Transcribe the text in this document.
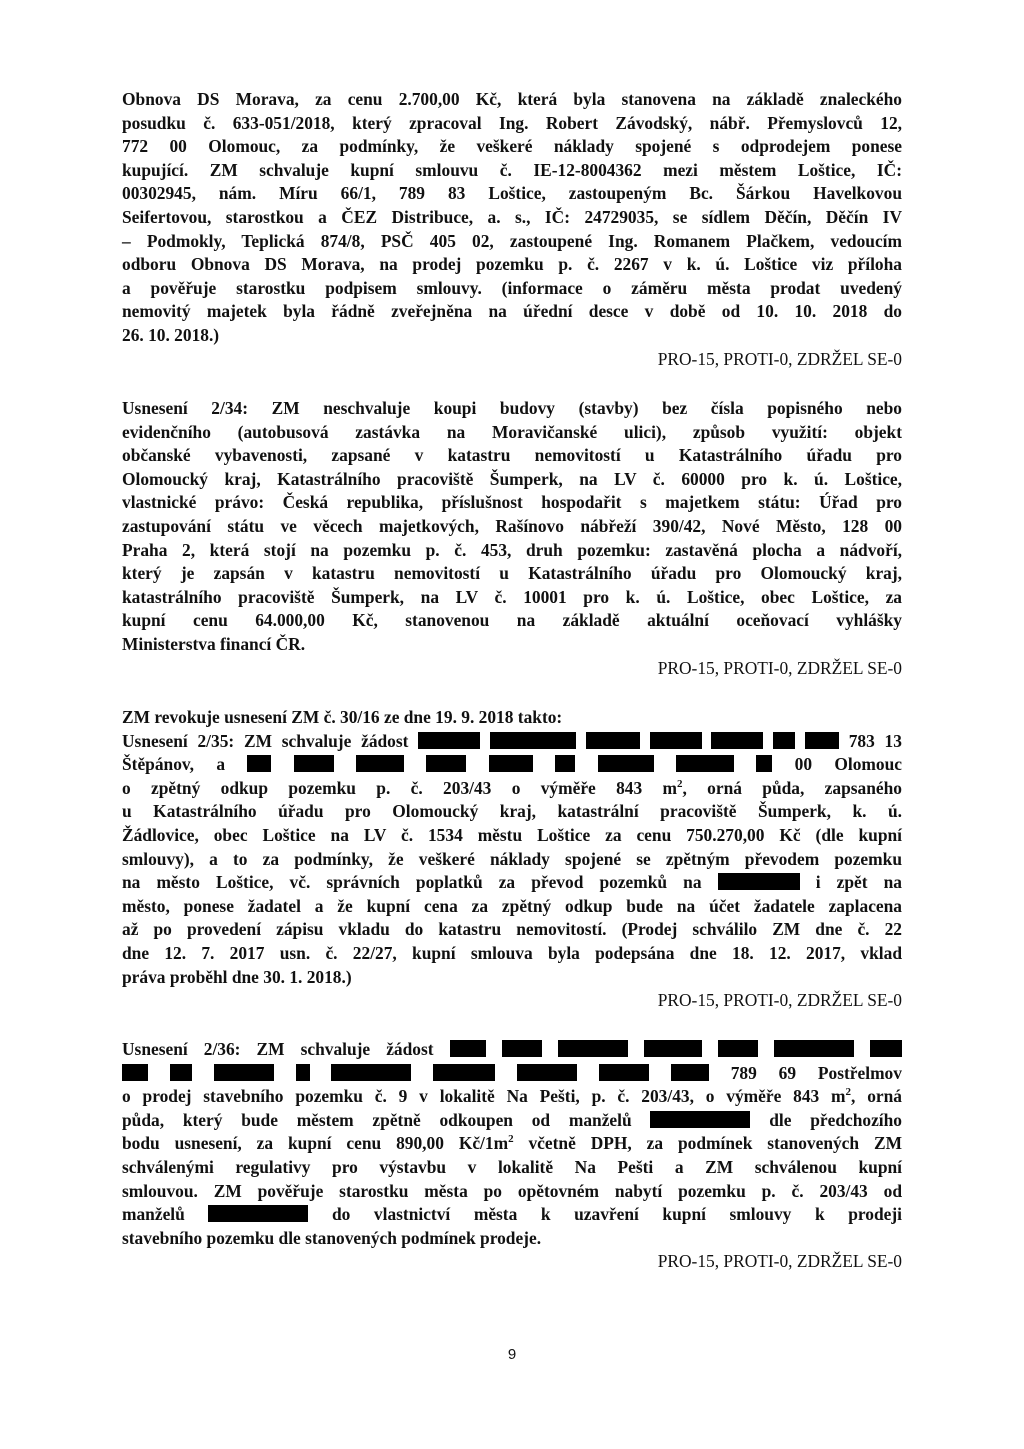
Obnova DS Morava, za cenu 2.700,00 Kč, která byla stanovena na základě znaleckého
posudku č. 633-051/2018, který zpracoval Ing. Robert Závodský, nábř. Přemyslovců 12,
772 00 Olomouc, za podmínky, že veškeré náklady spojené s odprodejem ponese
kupující. ZM schvaluje kupní smlouvu č. IE-12-8004362 mezi městem Loštice, IČ:
00302945, nám. Míru 66/1, 789 83 Loštice, zastoupeným Bc. Šárkou Havelkovou
Seifertovou, starostkou a ČEZ Distribuce, a. s., IČ: 24729035, se sídlem Děčín, Děčín IV
– Podmokly, Teplická 874/8, PSČ 405 02, zastoupené Ing. Romanem Plačkem, vedoucím
odboru Obnova DS Morava, na prodej pozemku p. č. 2267 v k. ú. Loštice viz příloha
a pověřuje starostku podpisem smlouvy. (informace o záměru města prodat uvedený
nemovitý majetek byla řádně zveřejněna na úřední desce v době od 10. 10. 2018 do
26. 10. 2018.)
PRO-15, PROTI-0, ZDRŽEL SE-0
Usnesení 2/34: ZM neschvaluje koupi budovy (stavby) bez čísla popisného nebo
evidenčního (autobusová zastávka na Moravičanské ulici), způsob využití: objekt
občanské vybavenosti, zapsané v katastru nemovitostí u Katastrálního úřadu pro
Olomoucký kraj, Katastrálního pracoviště Šumperk, na LV č. 60000 pro k. ú. Loštice,
vlastnické právo: Česká republika, příslušnost hospodařit s majetkem státu: Úřad pro
zastupování státu ve věcech majetkových, Rašínovo nábřeží 390/42, Nové Město, 128 00
Praha 2, která stojí na pozemku p. č. 453, druh pozemku: zastavěná plocha a nádvoří,
který je zapsán v katastru nemovitostí u Katastrálního úřadu pro Olomoucký kraj,
katastrálního pracoviště Šumperk, na LV č. 10001 pro k. ú. Loštice, obec Loštice, za
kupní cenu 64.000,00 Kč, stanovenou na základě aktuální oceňovací vyhlášky
Ministerstva financí ČR.
PRO-15, PROTI-0, ZDRŽEL SE-0
ZM revokuje usnesení ZM č. 30/16 ze dne 19. 9. 2018 takto:
Usnesení 2/35: ZM schvaluje žádost	783 13
Štěpánov, a	00 Olomouc
o zpětný odkup pozemku p. č. 203/43 o výměře 843 $m^2$, orná půda, zapsaného
u Katastrálního úřadu pro Olomoucký kraj, katastrální pracoviště Šumperk, k. ú.
Žádlovice, obec Loštice na LV č. 1534 městu Loštice za cenu 750.270,00 Kč (dle kupní
smlouvy), a to za podmínky, že veškeré náklady spojené se zpětným převodem pozemku
na město Loštice, vč. správních poplatků za převod pozemků na	i zpět na
město, ponese žadatel a že kupní cena za zpětný odkup bude na účet žadatele zaplacena
až po provedení zápisu vkladu do katastru nemovitostí. (Prodej schválilo ZM dne č. 22
dne 12. 7. 2017 usn. č. 22/27, kupní smlouva byla podepsána dne 18. 12. 2017, vklad
práva proběhl dne 30. 1. 2018.)
PRO-15, PROTI-0, ZDRŽEL SE-0
Usnesení 2/36: ZM schvaluje žádost
789 69 Postřelmov
o prodej stavebního pozemku č. 9 v lokalitě Na Pešti, p. č. 203/43, o výměře 843 $m^2$, orná
půda, který bude městem zpětně odkoupen od manželů	dle předchozího
bodu usnesení, za kupní cenu 890,00 $Kč/1m^2$ včetně DPH, za podmínek stanovených ZM
schválenými regulativy pro výstavbu v lokalitě Na Pešti a ZM schválenou kupní
smlouvou. ZM pověřuje starostku města po opětovném nabytí pozemku p. č. 203/43 od
manželů	do vlastnictví města k uzavření kupní smlouvy k prodeji
stavebního pozemku dle stanovených podmínek prodeje.
PRO-15, PROTI-0, ZDRŽEL SE-0
9
